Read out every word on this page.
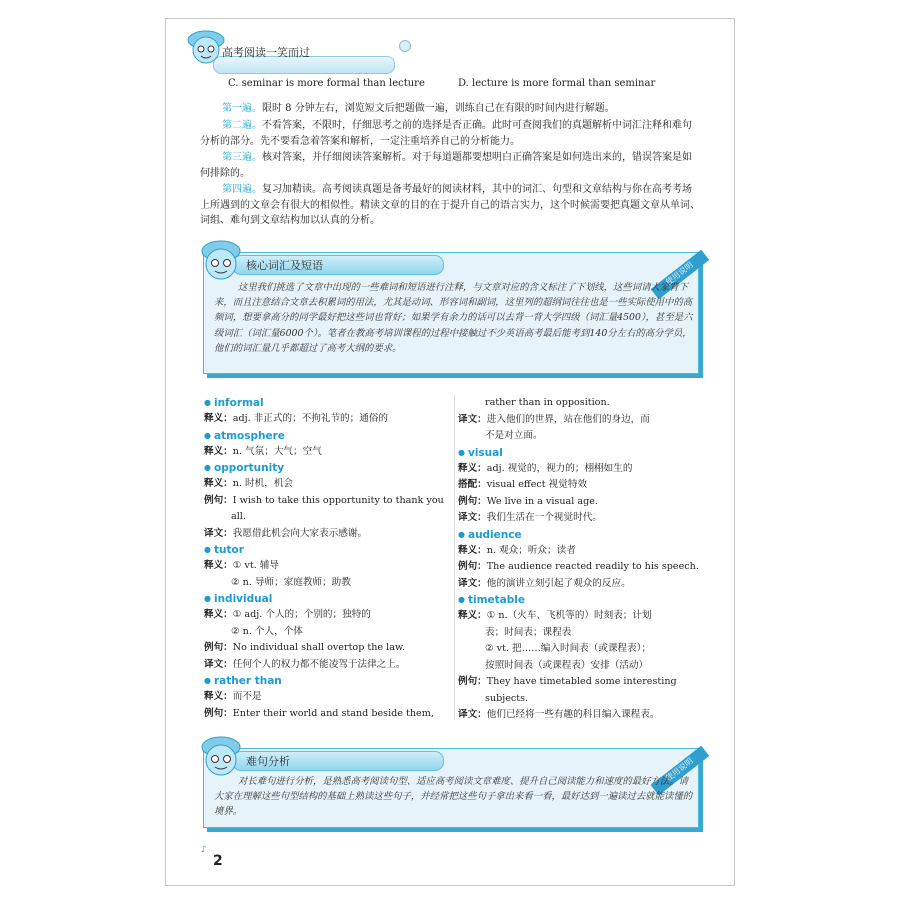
高考阅读一笑而过
C. seminar is more formal than lecture	D. lecture is more formal than seminar

第一遍。限时 8 分钟左右，浏览短文后把题做一遍，训练自己在有限的时间内进行解题。

第二遍。不看答案，不限时，仔细思考之前的选择是否正确。此时可查阅我们的真题解析中词汇注释和难句分析的部分。先不要看急着答案和解析，一定注重培养自己的分析能力。

第三遍。核对答案，并仔细阅读答案解析。对于每道题都要想明白正确答案是如何选出来的，错误答案是如何排除的。

第四遍。复习加精读。高考阅读真题是备考最好的阅读材料，其中的词汇、句型和文章结构与你在高考考场上所遇到的文章会有很大的相似性。精读文章的目的在于提升自己的语言实力，这个时候需要把真题文章从单词、词组、难句到文章结构加以认真的分析。

核心词汇及短语	使用说明

这里我们挑选了文章中出现的一些难词和短语进行注释，与文章对应的含义标注了下划线，这些词请大家背下来，而且注意结合文章去积累词的用法，尤其是动词、形容词和副词，这里列的超纲词往往也是一些实际使用中的高频词，想要拿高分的同学最好把这些词也背好；如果学有余力的话可以去背一背大学四级（词汇量4500），甚至是六级词汇（词汇量6000个）。笔者在教高考培训课程的过程中接触过不少英语高考最后能考到140分左右的高分学员，他们的词汇量几乎都超过了高考大纲的要求。

● informal

释义：adj. 非正式的；不拘礼节的；通俗的

● atmosphere

释义：n. 气氛；大气；空气

● opportunity

释义：n. 时机，机会

例句：I wish to take this opportunity to thank you

all.

译文：我愿借此机会向大家表示感谢。

● tutor

释义：① vt. 辅导

② n. 导师；家庭教师；助教

● individual

释义：① adj. 个人的；个别的；独特的

② n. 个人，个体

例句：No individual shall overtop the law.

译文：任何个人的权力都不能凌驾于法律之上。

● rather than

释义：而不是

例句：Enter their world and stand beside them,

rather than in opposition.

译文：进入他们的世界，站在他们的身边，而

不是对立面。

● visual

释义：adj. 视觉的，视力的；栩栩如生的

搭配：visual effect 视觉特效

例句：We live in a visual age.

译文：我们生活在一个视觉时代。

● audience

释义：n. 观众；听众；读者

例句：The audience reacted readily to his speech.

译文：他的演讲立刻引起了观众的反应。

● timetable

释义：① n.（火车、飞机等的）时刻表；计划

表；时间表；课程表

② vt. 把……编入时间表（或课程表）；

按照时间表（或课程表）安排（活动）

例句：They have timetabled some interesting

subjects.

译文：他们已经将一些有趣的科目编入课程表。

难句分析	使用说明

对长难句进行分析，是熟悉高考阅读句型、适应高考阅读文章难度、提升自己阅读能力和速度的最好方法。请大家在理解这些句型结构的基础上熟读这些句子，并经常把这些句子拿出来看一看，最好达到一遍读过去就能读懂的境界。

♪
2
